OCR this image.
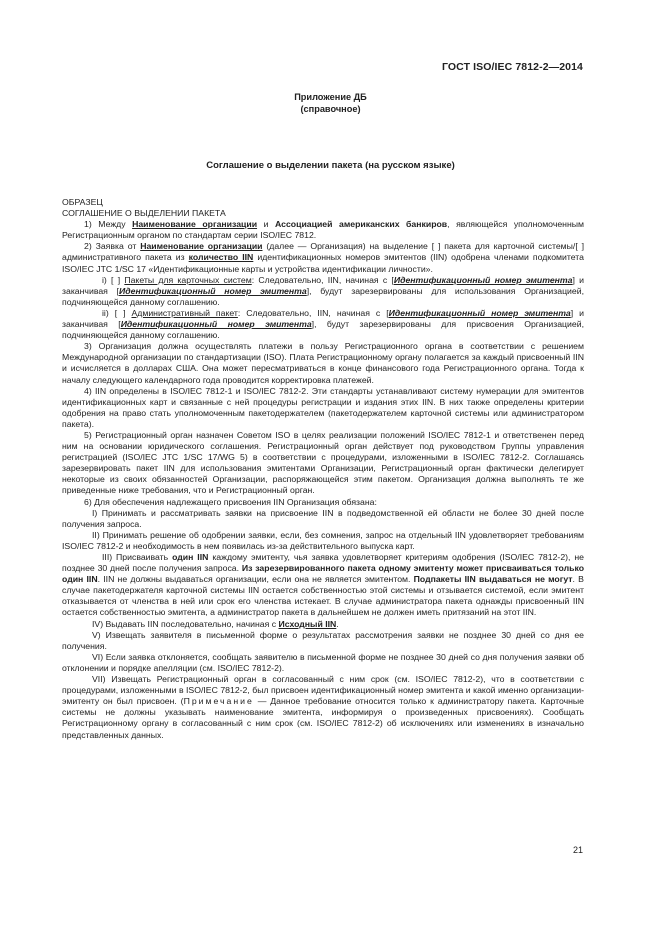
ГОСТ ISO/IEC 7812-2—2014
Приложение ДБ
(справочное)
Соглашение о выделении пакета (на русском языке)

ОБРАЗЕЦ

СОГЛАШЕНИЕ О ВЫДЕЛЕНИИ ПАКЕТА

1) Между Наименование организации и Ассоциацией американских банкиров, являющейся уполномоченным Регистрационным органом по стандартам серии ISO/IEC 7812.

2) Заявка от Наименование организации (далее — Организация) на выделение [ ] пакета для карточной системы/[ ] административного пакета из количество IIN идентификационных номеров эмитентов (IIN) одобрена членами подкомитета ISO/IEC JTC 1/SC 17 «Идентификационные карты и устройства идентификации личности».

i) [ ] Пакеты для карточных систем: Следовательно, IIN, начиная с [Идентификационный номер эмитента] и заканчивая [Идентификационный номер эмитента], будут зарезервированы для использования Организацией, подчиняющейся данному соглашению.

ii) [ ] Административный пакет: Следовательно, IIN, начиная с [Идентификационный номер эмитента] и заканчивая [Идентификационный номер эмитента], будут зарезервированы для присвоения Организацией, подчиняющейся данному соглашению.

3) Организация должна осуществлять платежи в пользу Регистрационного органа в соответствии с решением Международной организации по стандартизации (ISO). Плата Регистрационному органу полагается за каждый присвоенный IIN и исчисляется в долларах США. Она может пересматриваться в конце финансового года Регистрационного органа. Тогда к началу следующего календарного года проводится корректировка платежей.

4) IIN определены в ISO/IEC 7812-1 и ISO/IEC 7812-2. Эти стандарты устанавливают систему нумерации для эмитентов идентификационных карт и связанные с ней процедуры регистрации и издания этих IIN. В них также определены критерии одобрения на право стать уполномоченным пакетодержателем (пакетодержателем карточной системы или администратором пакета).

5) Регистрационный орган назначен Советом ISO в целях реализации положений ISO/IEC 7812-1 и ответственен перед ним на основании юридического соглашения. Регистрационный орган действует под руководством Группы управления регистрацией (ISO/IEC JTC 1/SC 17/WG 5) в соответствии с процедурами, изложенными в ISO/IEC 7812-2. Соглашаясь зарезервировать пакет IIN для использования эмитентами Организации, Регистрационный орган фактически делегирует некоторые из своих обязанностей Организации, распоряжающейся этим пакетом. Организация должна выполнять те же приведенные ниже требования, что и Регистрационный орган.

6) Для обеспечения надлежащего присвоения IIN Организация обязана:

I) Принимать и рассматривать заявки на присвоение IIN в подведомственной ей области не более 30 дней после получения запроса.

II) Принимать решение об одобрении заявки, если, без сомнения, запрос на отдельный IIN удовлетворяет требованиям ISO/IEC 7812-2 и необходимость в нем появилась из-за действительного выпуска карт.

III) Присваивать один IIN каждому эмитенту, чья заявка удовлетворяет критериям одобрения (ISO/IEC 7812-2), не позднее 30 дней после получения запроса. Из зарезервированного пакета одному эмитенту может присваиваться только один IIN. IIN не должны выдаваться организации, если она не является эмитентом. Подпакеты IIN выдаваться не могут. В случае пакетодержателя карточной системы IIN остается собственностью этой системы и отзывается системой, если эмитент отказывается от членства в ней или срок его членства истекает. В случае администратора пакета однажды присвоенный IIN остается собственностью эмитента, а администратор пакета в дальнейшем не должен иметь притязаний на этот IIN.

IV) Выдавать IIN последовательно, начиная с Исходный IIN.

V) Извещать заявителя в письменной форме о результатах рассмотрения заявки не позднее 30 дней со дня ее получения.

VI) Если заявка отклоняется, сообщать заявителю в письменной форме не позднее 30 дней со дня получения заявки об отклонении и порядке апелляции (см. ISO/IEC 7812-2).

VII) Извещать Регистрационный орган в согласованный с ним срок (см. ISO/IEC 7812-2), что в соответствии с процедурами, изложенными в ISO/IEC 7812-2, был присвоен идентификационный номер эмитента и какой именно организации-эмитенту он был присвоен. (Примечание — Данное требование относится только к администратору пакета. Карточные системы не должны указывать наименование эмитента, информируя о произведенных присвоениях). Сообщать Регистрационному органу в согласованный с ним срок (см. ISO/IEC 7812-2) об исключениях или изменениях в изначально представленных данных.

21
